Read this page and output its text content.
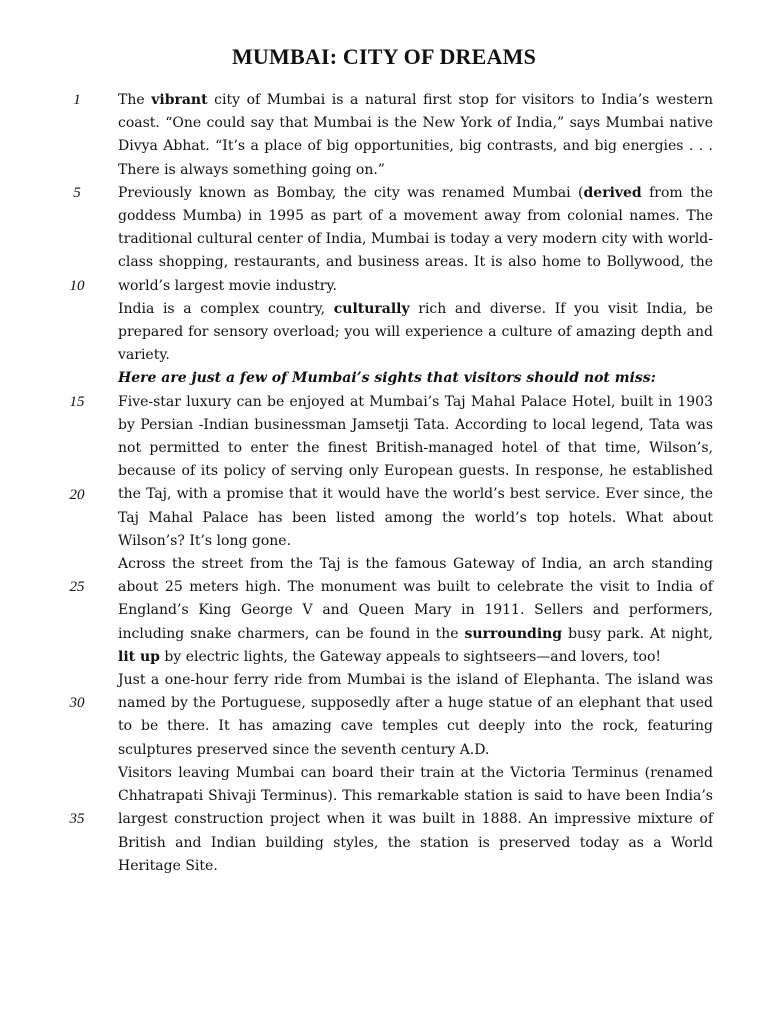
MUMBAI: CITY OF DREAMS
1
5
10
15
20
25
30
35

The vibrant city of Mumbai is a natural first stop for visitors to India’s western coast. “One could say that Mumbai is the New York of India,” says Mumbai native Divya Abhat. “It’s a place of big opportunities, big contrasts, and big energies . . . There is always something going on.”

Previously known as Bombay, the city was renamed Mumbai (derived from the goddess Mumba) in 1995 as part of a movement away from colonial names. The traditional cultural center of India, Mumbai is today a very modern city with world-class shopping, restaurants, and business areas. It is also home to Bollywood, the world’s largest movie industry.

India is a complex country, culturally rich and diverse. If you visit India, be prepared for sensory overload; you will experience a culture of amazing depth and variety.

Here are just a few of Mumbai’s sights that visitors should not miss:

Five-star luxury can be enjoyed at Mumbai’s Taj Mahal Palace Hotel, built in 1903 by Persian -Indian businessman Jamsetji Tata. According to local legend, Tata was not permitted to enter the finest British-managed hotel of that time, Wilson’s, because of its policy of serving only European guests. In response, he established the Taj, with a promise that it would have the world’s best service. Ever since, the Taj Mahal Palace has been listed among the world’s top hotels. What about Wilson’s? It’s long gone.

Across the street from the Taj is the famous Gateway of India, an arch standing about 25 meters high. The monument was built to celebrate the visit to India of England’s King George V and Queen Mary in 1911. Sellers and performers, including snake charmers, can be found in the surrounding busy park. At night, lit up by electric lights, the Gateway appeals to sightseers—and lovers, too!

Just a one-hour ferry ride from Mumbai is the island of Elephanta. The island was named by the Portuguese, supposedly after a huge statue of an elephant that used to be there. It has amazing cave temples cut deeply into the rock, featuring sculptures preserved since the seventh century A.D.

Visitors leaving Mumbai can board their train at the Victoria Terminus (renamed Chhatrapati Shivaji Terminus). This remarkable station is said to have been India’s largest construction project when it was built in 1888. An impressive mixture of British and Indian building styles, the station is preserved today as a World Heritage Site.
